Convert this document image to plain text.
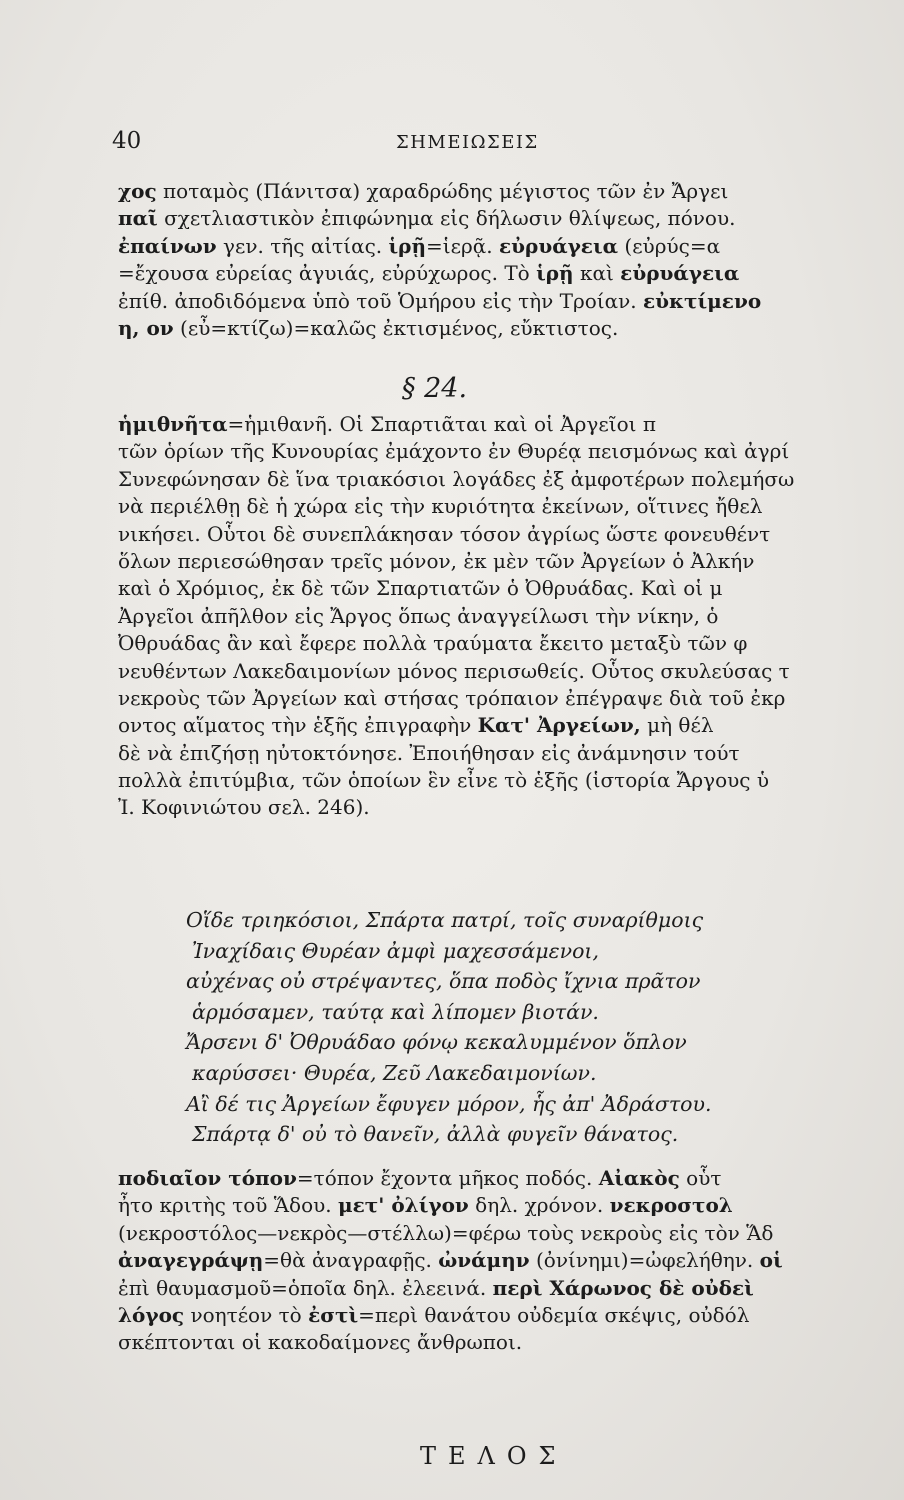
40	ΣΗΜΕΙΩΣΕΙΣ
χος ποταμὸς (Πάνιτσα) χαραδρώδης μέγιστος τῶν ἐν Ἄργει
παῖ σχετλιαστικὸν ἐπιφώνημα εἰς δήλωσιν θλίψεως, πόνου.
ἐπαίνων γεν. τῆς αἰτίας. ἱρῇ=ἱερᾷ. εὐρυάγεια (εὐρύς=α
=ἔχουσα εὐρείας ἀγυιάς, εὐρύχωρος. Τὸ ἱρῇ καὶ εὐρυάγεια
ἐπίθ. ἀποδιδόμενα ὑπὸ τοῦ Ὁμήρου εἰς τὴν Τροίαν. εὐκτίμενο
η, ον (εὖ=κτίζω)=καλῶς ἐκτισμένος, εὔκτιστος.
§ 24.
ἡμιθνῆτα=ἡμιθανῆ. Οἱ Σπαρτιᾶται καὶ οἱ Ἀργεῖοι π
τῶν ὁρίων τῆς Κυνουρίας ἐμάχοντο ἐν Θυρέᾳ πεισμόνως καὶ ἀγρί
Συνεφώνησαν δὲ ἵνα τριακόσιοι λογάδες ἐξ ἀμφοτέρων πολεμήσω
νὰ περιέλθῃ δὲ ἡ χώρα εἰς τὴν κυριότητα ἐκείνων, οἵτινες ἤθελ
νικήσει. Οὗτοι δὲ συνεπλάκησαν τόσον ἀγρίως ὥστε φονευθέντ
ὅλων περιεσώθησαν τρεῖς μόνον, ἐκ μὲν τῶν Ἀργείων ὁ Ἀλκήν
καὶ ὁ Χρόμιος, ἐκ δὲ τῶν Σπαρτιατῶν ὁ Ὀθρυάδας. Καὶ οἱ μ
Ἀργεῖοι ἀπῆλθον εἰς Ἄργος ὅπως ἀναγγείλωσι τὴν νίκην, ὁ
Ὀθρυάδας ἂν καὶ ἔφερε πολλὰ τραύματα ἔκειτο μεταξὺ τῶν φ
νευθέντων Λακεδαιμονίων μόνος περισωθείς. Οὗτος σκυλεύσας τ
νεκροὺς τῶν Ἀργείων καὶ στήσας τρόπαιον ἐπέγραψε διὰ τοῦ ἐκρ
οντος αἵματος τὴν ἑξῆς ἐπιγραφὴν Κατ' Ἀργείων, μὴ θέλ
δὲ νὰ ἐπιζήσῃ ηὐτοκτόνησε. Ἐποιήθησαν εἰς ἀνάμνησιν τούτ
πολλὰ ἐπιτύμβια, τῶν ὁποίων ἓν εἶνε τὸ ἑξῆς (ἱστορία Ἄργους ὑ
Ἰ. Κοφινιώτου σελ. 246).
Οἵδε τριηκόσιοι, Σπάρτα πατρί, τοῖς συναρίθμοις
Ἰναχίδαις Θυρέαν ἀμφὶ μαχεσσάμενοι,
αὐχένας οὐ στρέψαντες, ὅπα ποδὸς ἴχνια πρᾶτον
ἁρμόσαμεν, ταύτᾳ καὶ λίπομεν βιοτάν.
Ἄρσενι δ' Ὀθρυάδαο φόνῳ κεκαλυμμένον ὅπλον
καρύσσει· Θυρέα, Ζεῦ Λακεδαιμονίων.
Αἲ δέ τις Ἀργείων ἔφυγεν μόρον, ἧς ἀπ' Ἀδράστου.
Σπάρτᾳ δ' οὐ τὸ θανεῖν, ἀλλὰ φυγεῖν θάνατος.
ποδιαῖον τόπον=τόπον ἔχοντα μῆκος ποδός. Αἰακὸς οὗτ
ἦτο κριτὴς τοῦ Ἅδου. μετ' ὀλίγον δηλ. χρόνον. νεκροστολ
(νεκροστόλος—νεκρὸς—στέλλω)=φέρω τοὺς νεκροὺς εἰς τὸν Ἅδ
ἀναγεγράψῃ=θὰ ἀναγραφῇς. ὠνάμην (ὀνίνημι)=ὠφελήθην. οἱ
ἐπὶ θαυμασμοῦ=ὁποῖα δηλ. ἐλεεινά. περὶ Χάρωνος δὲ οὐδεὶ
λόγος νοητέον τὸ ἐστὶ=περὶ θανάτου οὐδεμία σκέψις, οὐδόλ
σκέπτονται οἱ κακοδαίμονες ἄνθρωποι.
ΤΕΛΟΣ
